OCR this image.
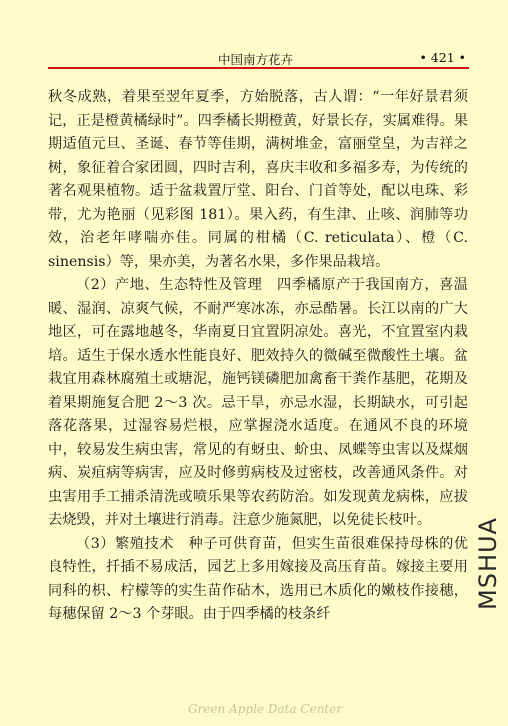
中国南方花卉	• 421 •

秋冬成熟，着果至翌年夏季，方始脱落，古人谓：“一年好景君须记，正是橙黄橘绿时”。四季橘长期橙黄，好景长存，实属难得。果期适值元旦、圣诞、春节等佳期，满树堆金，富丽堂皇，为吉祥之树，象征着合家团圆，四时吉利，喜庆丰收和多福多寿，为传统的著名观果植物。适于盆栽置厅堂、阳台、门首等处，配以电珠、彩带，尤为艳丽（见彩图 181）。果入药，有生津、止咳、润肺等功效，治老年哮喘亦佳。同属的柑橘（C. reticulata）、橙（C. sinensis）等，果亦美，为著名水果，多作果品栽培。

（2）产地、生态特性及管理　四季橘原产于我国南方，喜温暖、湿润、凉爽气候，不耐严寒冰冻，亦忌酷暑。长江以南的广大地区，可在露地越冬，华南夏日宜置阴凉处。喜光，不宜置室内栽培。适生于保水透水性能良好、肥效持久的微碱至微酸性土壤。盆栽宜用森林腐殖土或塘泥，施钙镁磷肥加禽畜干粪作基肥，花期及着果期施复合肥 2～3 次。忌干旱，亦忌水湿，长期缺水，可引起落花落果，过湿容易烂根，应掌握浇水适度。在通风不良的环境中，较易发生病虫害，常见的有蚜虫、蚧虫、凤蝶等虫害以及煤烟病、炭疽病等病害，应及时修剪病枝及过密枝，改善通风条件。对虫害用手工捕杀清洗或喷乐果等农药防治。如发现黄龙病株，应拔去烧毁，并对土壤进行消毒。注意少施氮肥，以免徒长枝叶。

（3）繁殖技术　种子可供育苗，但实生苗很难保持母株的优良特性，扦插不易成活，园艺上多用嫁接及高压育苗。嫁接主要用同科的枳、柠檬等的实生苗作砧木，选用已木质化的嫩枝作接穗，每穗保留 2～3 个芽眼。由于四季橘的枝条纤

MSHUA
Green Apple Data Center
